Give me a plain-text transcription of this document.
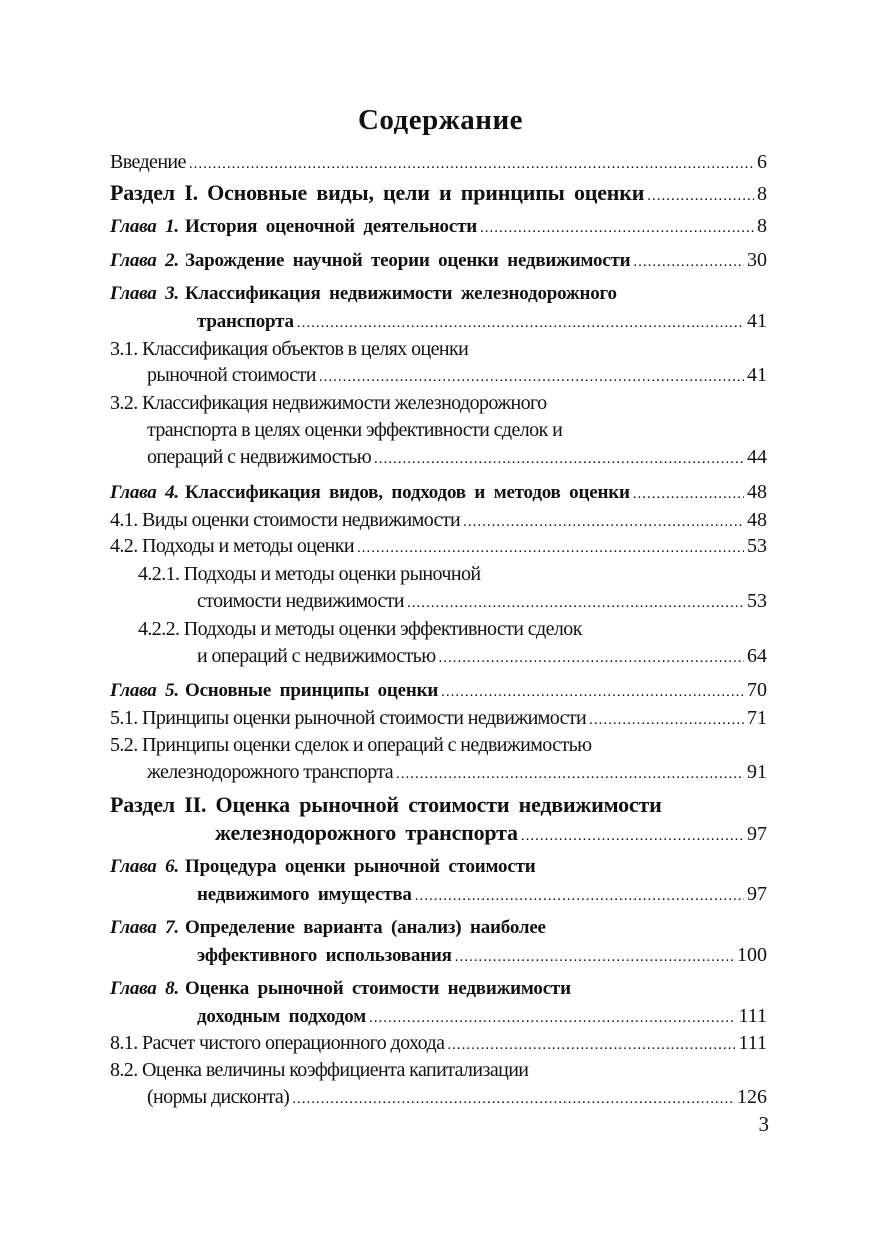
Содержание
Введение .....	6
Раздел I. Основные виды, цели и принципы оценки .....	8
Глава 1. История оценочной деятельности .....	8
Глава 2. Зарождение научной теории оценки недвижимости .....	30
Глава 3. Классификация недвижимости железнодорожного
транспорта .....	41
3.1. Классификация объектов в целях оценки
рыночной стоимости .....	41
3.2. Классификация недвижимости железнодорожного
транспорта в целях оценки эффективности сделок и
операций с недвижимостью .....	44
Глава 4. Классификация видов, подходов и методов оценки .....	48
4.1. Виды оценки стоимости недвижимости .....	48
4.2. Подходы и методы оценки .....	53
4.2.1. Подходы и методы оценки рыночной
стоимости недвижимости .....	53
4.2.2. Подходы и методы оценки эффективности сделок
и операций с недвижимостью .....	64
Глава 5. Основные принципы оценки .....	70
5.1. Принципы оценки рыночной стоимости недвижимости .....	71
5.2. Принципы оценки сделок и операций с недвижимостью
железнодорожного транспорта .....	91
Раздел II. Оценка рыночной стоимости недвижимости
железнодорожного транспорта .....	97
Глава 6. Процедура оценки рыночной стоимости
недвижимого имущества .....	97
Глава 7. Определение варианта (анализ) наиболее
эффективного использования .....	100
Глава 8. Оценка рыночной стоимости недвижимости
доходным подходом .....	111
8.1. Расчет чистого операционного дохода .....	111
8.2. Оценка величины коэффициента капитализации
(нормы дисконта) .....	126
3
